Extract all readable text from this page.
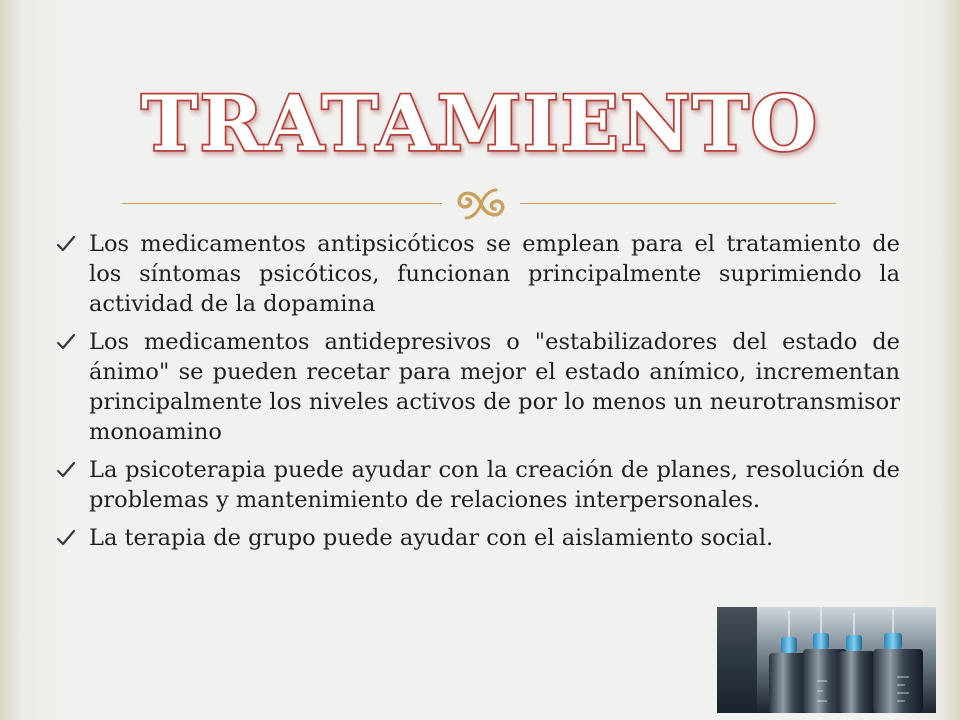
TRATAMIENTO
Los medicamentos antipsicóticos se emplean para el tratamiento de los síntomas psicóticos, funcionan principalmente suprimiendo la actividad de la dopamina
Los medicamentos antidepresivos o "estabilizadores del estado de ánimo" se pueden recetar para mejor el estado anímico, incrementan principalmente los niveles activos de por lo menos un neurotransmisor monoamino
La psicoterapia puede ayudar con la creación de planes, resolución de problemas y mantenimiento de relaciones interpersonales.
La terapia de grupo puede ayudar con el aislamiento social.
